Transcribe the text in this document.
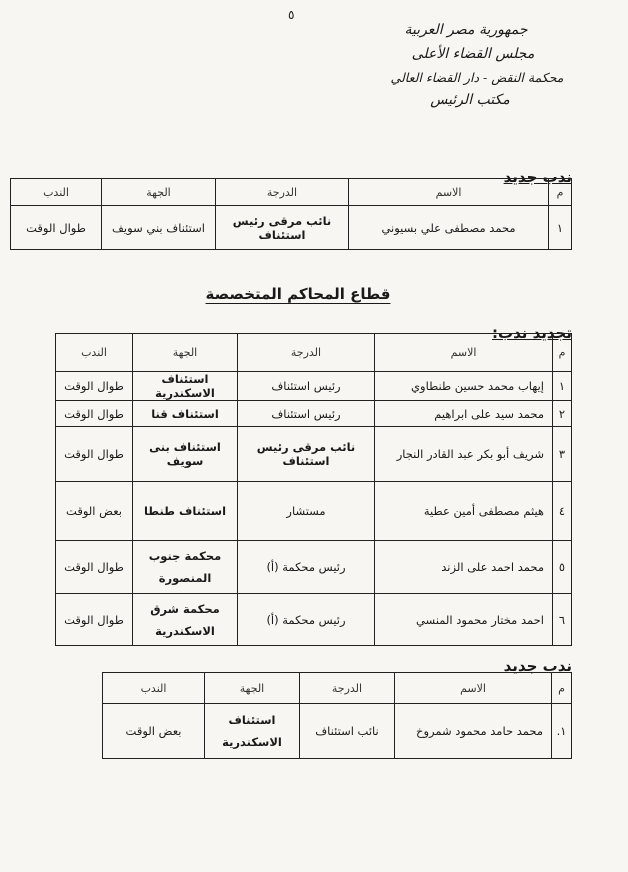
٥
جمهورية مصر العربية
مجلس القضاء الأعلى
محكمة النقض - دار القضاء العالي
مكتب الرئيس
ندب جديد
م	الاسم	الدرجة	الجهة	الندب
١	محمد مصطفى علي بسيوني	نائب مرقى رئيس استئناف	استئناف بني سويف	طوال الوقت
قطاع المحاكم المتخصصة
تجديد ندب:
م	الاسم	الدرجة	الجهة	الندب
١	إيهاب محمد حسين طنطاوي	رئيس استئناف	استئناف الاسكندرية	طوال الوقت
٢	محمد سيد على ابراهيم	رئيس استئناف	استئناف قنا	طوال الوقت
٣	شريف أبو بكر عبد القادر النجار	نائب مرقى رئيس استئناف	استئناف بنى سويف	طوال الوقت
٤	هيثم مصطفى أمين عطية	مستشار	استئناف طنطا	بعض الوقت
٥	محمد احمد على الزند	رئيس محكمة (أ)	محكمة جنوب المنصورة	طوال الوقت
٦	احمد مختار محمود المنسي	رئيس محكمة (أ)	محكمة شرق الاسكندرية	طوال الوقت
ندب جديد
م	الاسم	الدرجة	الجهة	الندب
١.	محمد حامد محمود شمروخ	نائب استئناف	استئناف الاسكندرية	بعض الوقت
